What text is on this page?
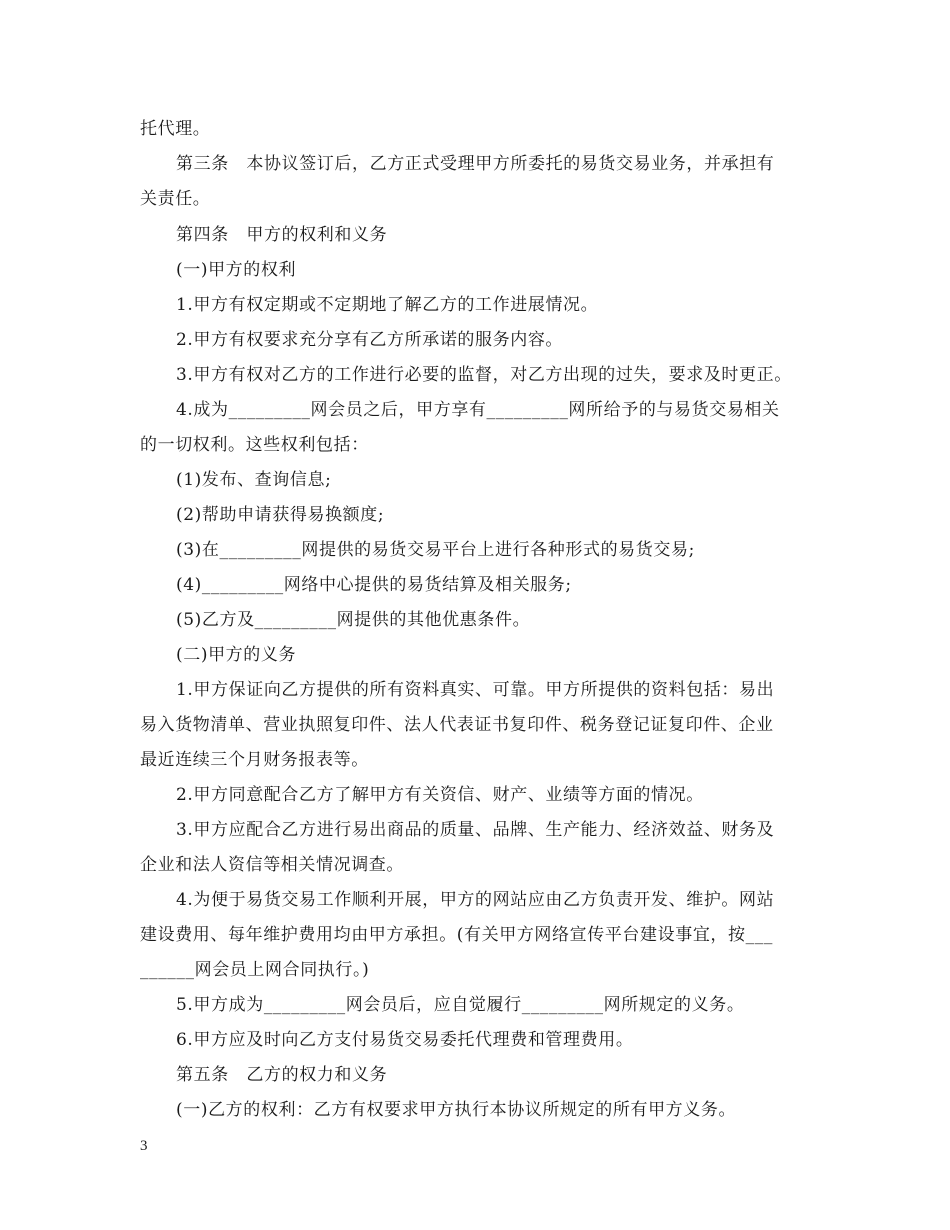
托代理。
第三条　本协议签订后，乙方正式受理甲方所委托的易货交易业务，并承担有
关责任。
第四条　甲方的权利和义务
(一)甲方的权利
1.甲方有权定期或不定期地了解乙方的工作进展情况。
2.甲方有权要求充分享有乙方所承诺的服务内容。
3.甲方有权对乙方的工作进行必要的监督，对乙方出现的过失，要求及时更正。
4.成为_________网会员之后，甲方享有_________网所给予的与易货交易相关
的一切权利。这些权利包括：
(1)发布、查询信息;
(2)帮助申请获得易换额度;
(3)在_________网提供的易货交易平台上进行各种形式的易货交易;
(4)_________网络中心提供的易货结算及相关服务;
(5)乙方及_________网提供的其他优惠条件。
(二)甲方的义务
1.甲方保证向乙方提供的所有资料真实、可靠。甲方所提供的资料包括：易出
易入货物清单、营业执照复印件、法人代表证书复印件、税务登记证复印件、企业
最近连续三个月财务报表等。
2.甲方同意配合乙方了解甲方有关资信、财产、业绩等方面的情况。
3.甲方应配合乙方进行易出商品的质量、品牌、生产能力、经济效益、财务及
企业和法人资信等相关情况调查。
4.为便于易货交易工作顺利开展，甲方的网站应由乙方负责开发、维护。网站
建设费用、每年维护费用均由甲方承担。(有关甲方网络宣传平台建设事宜，按___
______网会员上网合同执行。)
5.甲方成为_________网会员后，应自觉履行_________网所规定的义务。
6.甲方应及时向乙方支付易货交易委托代理费和管理费用。
第五条　乙方的权力和义务
(一)乙方的权利：乙方有权要求甲方执行本协议所规定的所有甲方义务。
3
